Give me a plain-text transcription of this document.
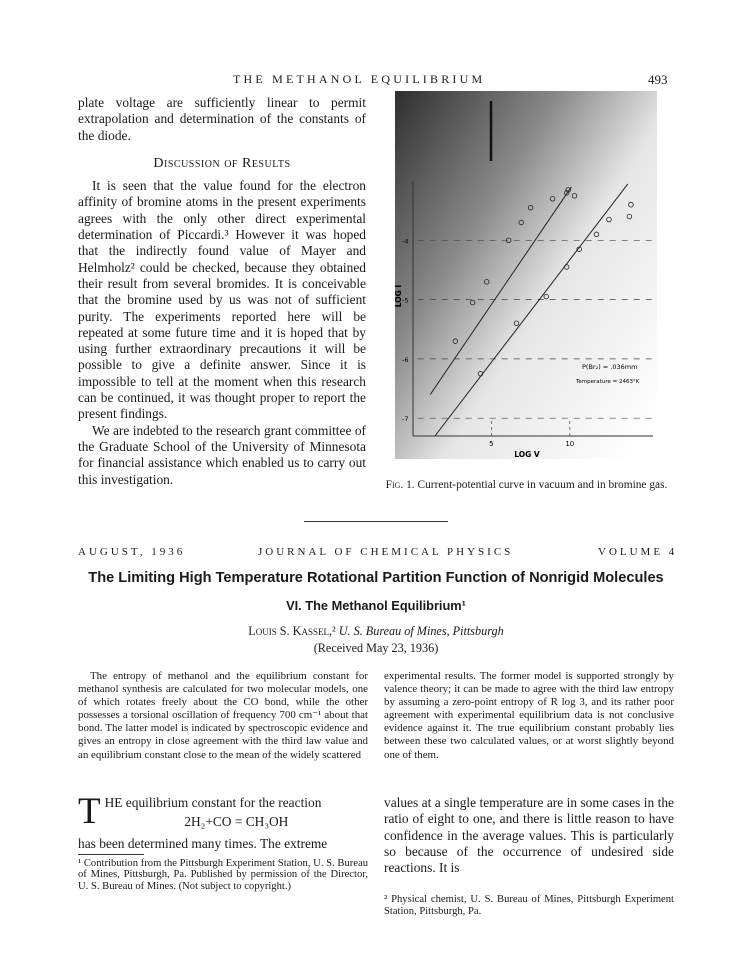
THE METHANOL EQUILIBRIUM	493

plate voltage are sufficiently linear to permit extrapolation and determination of the constants of the diode.

Discussion of Results

It is seen that the value found for the electron affinity of bromine atoms in the present experiments agrees with the only other direct experimental determination of Piccardi.³ However it was hoped that the indirectly found value of Mayer and Helmholz² could be checked, because they obtained their result from several bromides. It is conceivable that the bromine used by us was not of sufficient purity. The experiments reported here will be repeated at some future time and it is hoped that by using further extraordinary precautions it will be possible to give a definite answer. Since it is impossible to tell at the moment when this research can be continued, it was thought proper to report the present findings.

We are indebted to the research grant committee of the Graduate School of the University of Minnesota for financial assistance which enabled us to carry out this investigation.

-4
-5
-6
-7
5	10
LOG I
LOG V
P(Br₂) = .036mm
Temperature = 2463°K
Fig. 1. Current-potential curve in vacuum and in bromine gas.
AUGUST, 1936	JOURNAL OF CHEMICAL PHYSICS	VOLUME 4
The Limiting High Temperature Rotational Partition Function of Nonrigid Molecules
VI. The Methanol Equilibrium¹
Louis S. Kassel,² U. S. Bureau of Mines, Pittsburgh
(Received May 23, 1936)
The entropy of methanol and the equilibrium constant for methanol synthesis are calculated for two molecular models, one of which rotates freely about the CO bond, while the other possesses a torsional oscillation of frequency 700 cm⁻¹ about that bond. The latter model is indicated by spectroscopic evidence and gives an entropy in close agreement with the third law value and an equilibrium constant close to the mean of the widely scattered
experimental results. The former model is supported strongly by valence theory; it can be made to agree with the third law entropy by assuming a zero-point entropy of R log 3, and its rather poor agreement with experimental equilibrium data is not conclusive evidence against it. The true equilibrium constant probably lies between these two calculated values, or at worst slightly beyond one of them.
T HE equilibrium constant for the reaction
2H₂+CO = CH₃OH
has been determined many times. The extreme
¹ Contribution from the Pittsburgh Experiment Station, U. S. Bureau of Mines, Pittsburgh, Pa. Published by permission of the Director, U. S. Bureau of Mines. (Not subject to copyright.)
values at a single temperature are in some cases in the ratio of eight to one, and there is little reason to have confidence in the average values. This is particularly so because of the occurrence of undesired side reactions. It is
² Physical chemist, U. S. Bureau of Mines, Pittsburgh Experiment Station, Pittsburgh, Pa.
